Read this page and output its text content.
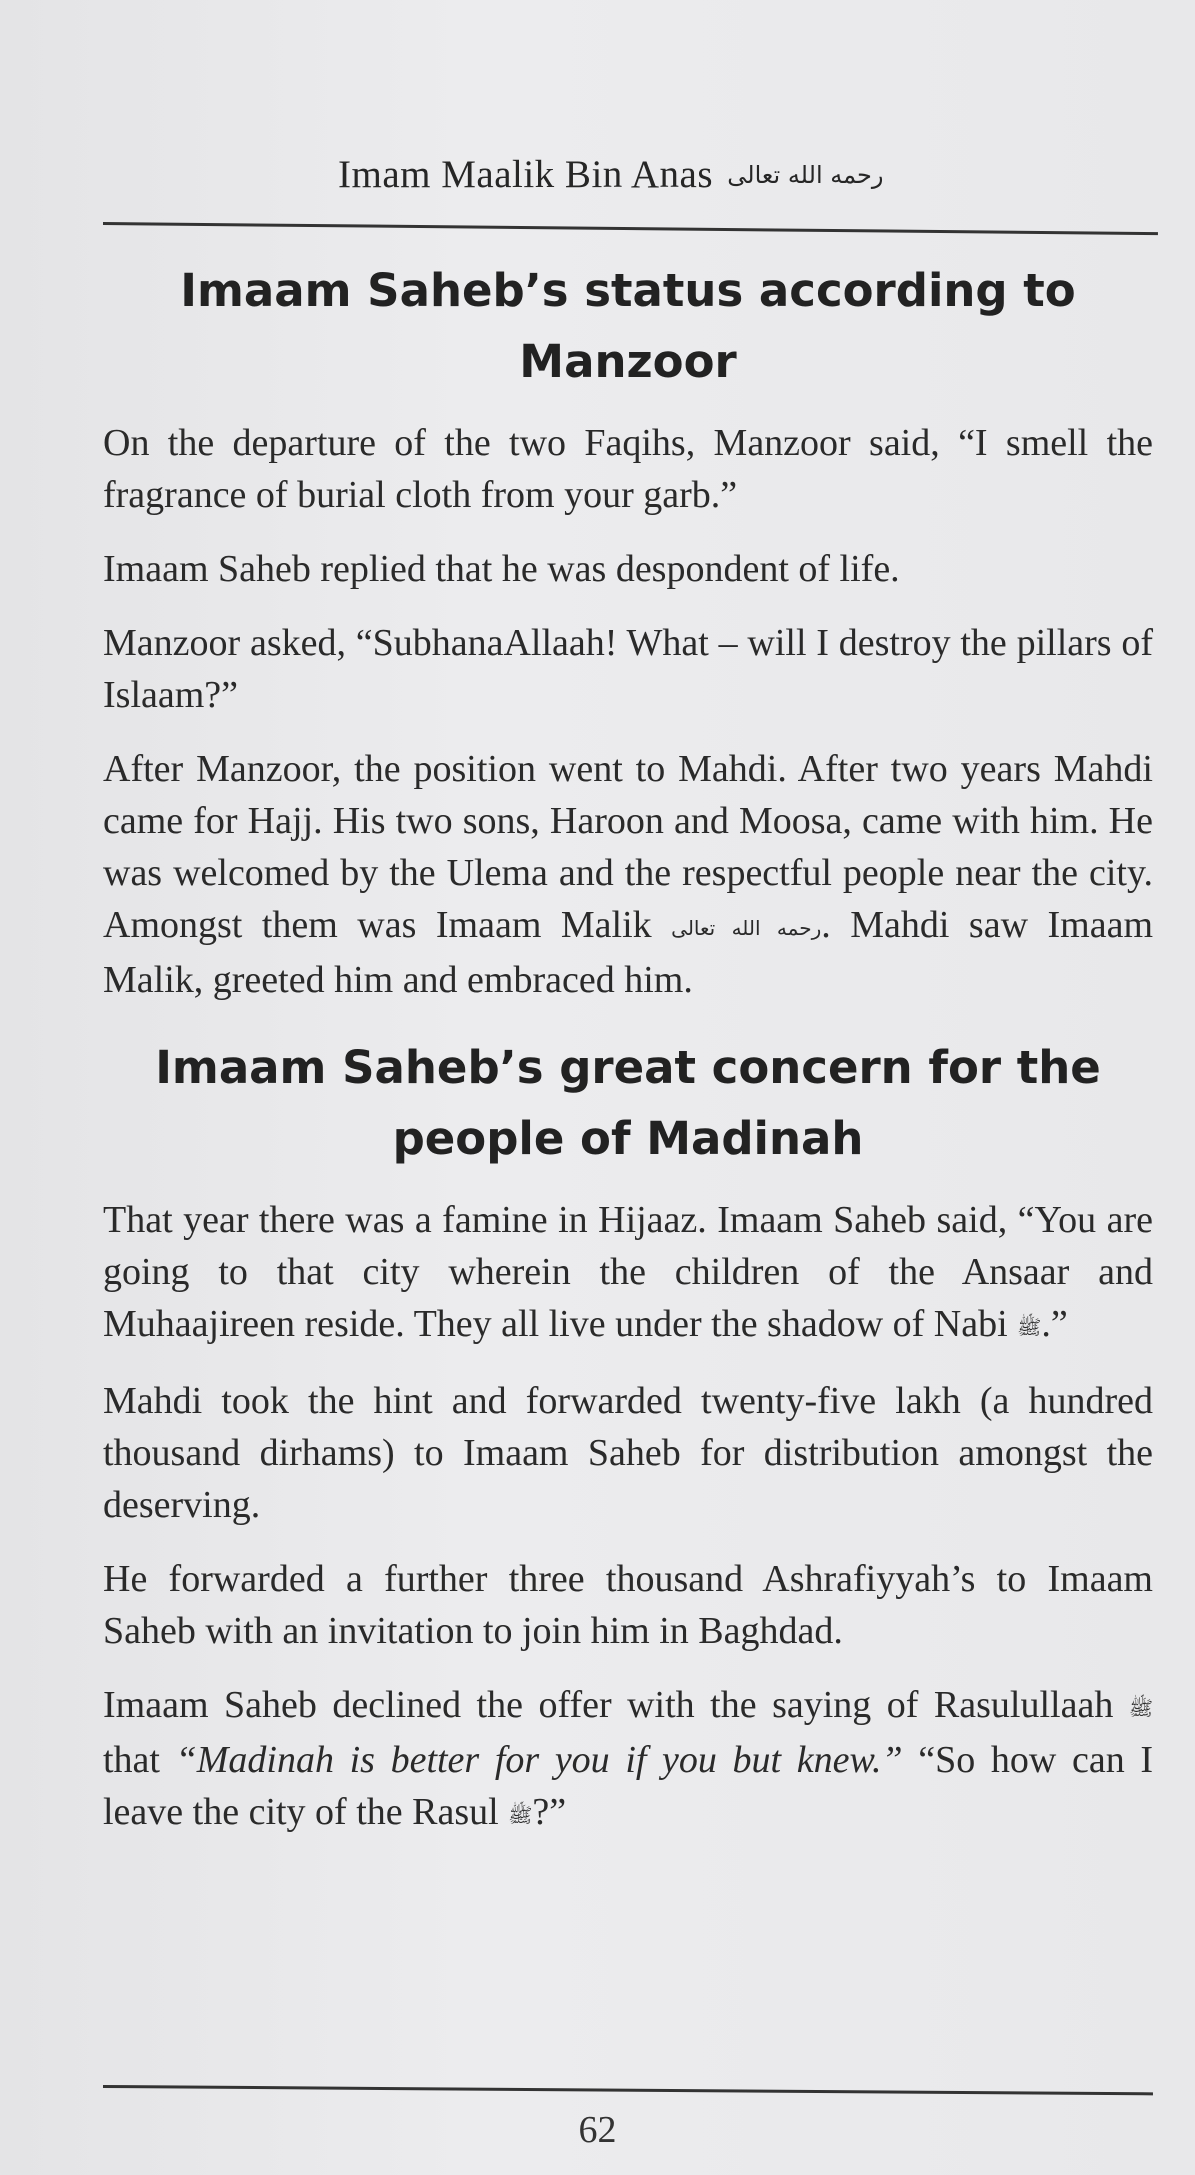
Imam Maalik Bin Anas رحمه الله تعالى
Imaam Saheb’s status according to Manzoor

On the departure of the two Faqihs, Manzoor said, “I smell the fragrance of burial cloth from your garb.”

Imaam Saheb replied that he was despondent of life.

Manzoor asked, “SubhanaAllaah! What – will I destroy the pillars of Islaam?”

After Manzoor, the position went to Mahdi. After two years Mahdi came for Hajj. His two sons, Haroon and Moosa, came with him. He was welcomed by the Ulema and the respectful people near the city. Amongst them was Imaam Malik رحمه الله تعالى. Mahdi saw Imaam Malik, greeted him and embraced him.

Imaam Saheb’s great concern for the people of Madinah

That year there was a famine in Hijaaz. Imaam Saheb said, “You are going to that city wherein the children of the Ansaar and Muhaajireen reside. They all live under the shadow of Nabi ﷺ.”

Mahdi took the hint and forwarded twenty-five lakh (a hundred thousand dirhams) to Imaam Saheb for distribution amongst the deserving.

He forwarded a further three thousand Ashrafiyyah’s to Imaam Saheb with an invitation to join him in Baghdad.

Imaam Saheb declined the offer with the saying of Rasulullaah ﷺ that “Madinah is better for you if you but knew.” “So how can I leave the city of the Rasul ﷺ?”

62
